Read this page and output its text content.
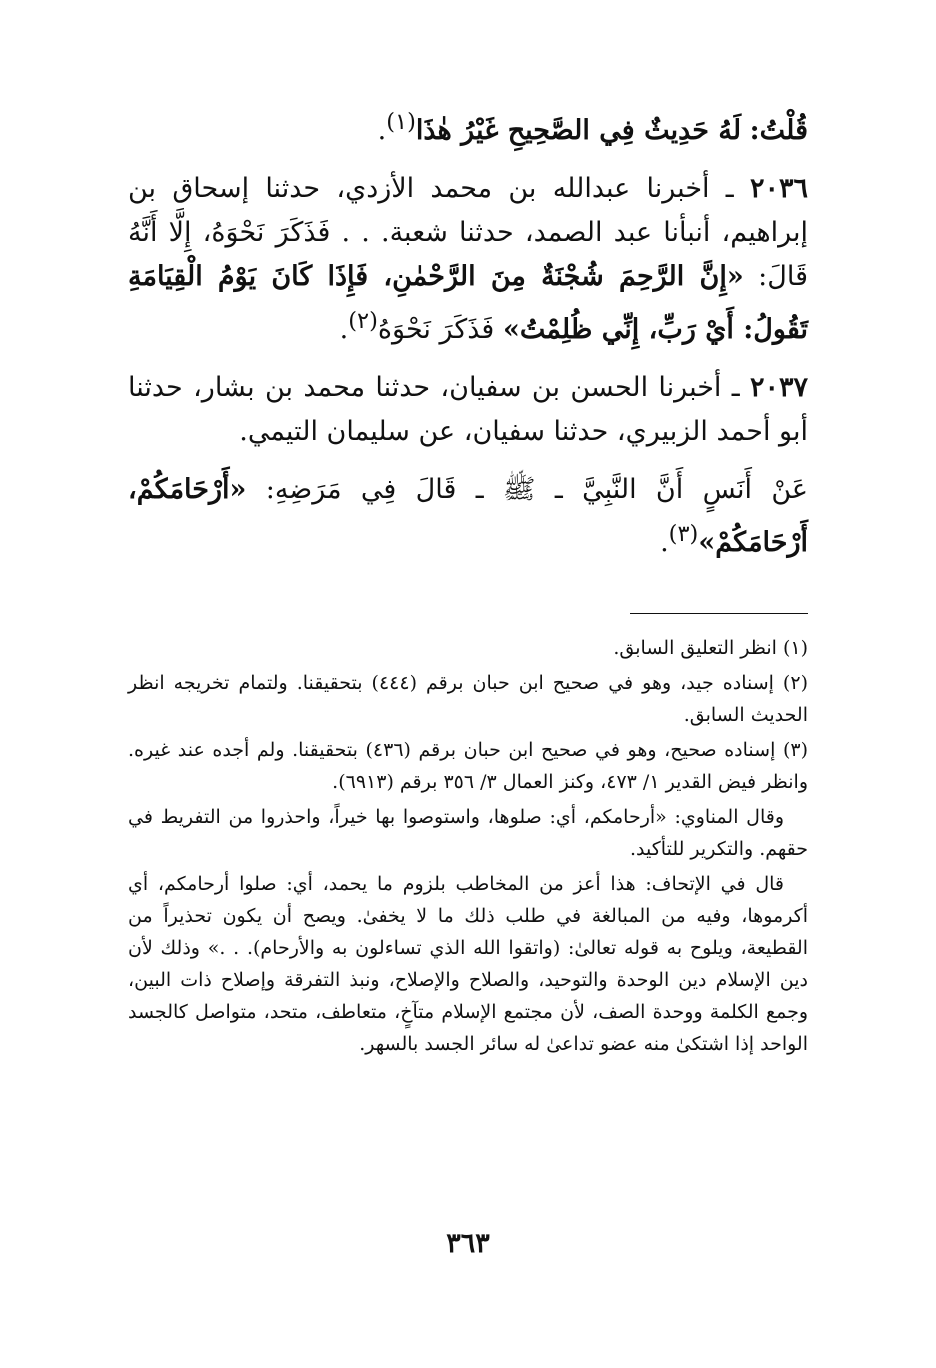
قُلْتُ: لَهُ حَدِيثٌ فِي الصَّحِيحِ غَيْرُ هٰذَا$^{(١)}$.

٢٠٣٦ ـ أخبرنا عبدالله بن محمد الأزدي، حدثنا إسحاق بن إبراهيم، أنبأنا عبد الصمد، حدثنا شعبة. . . فَذَكَرَ نَحْوَهُ، إِلَّا أَنَّهُ قَالَ: «إِنَّ الرَّحِمَ شُجْنَةٌ مِنَ الرَّحْمٰنِ، فَإِذَا كَانَ يَوْمُ الْقِيَامَةِ تَقُولُ: أَيْ رَبِّ، إِنِّي ظُلِمْتُ» فَذَكَرَ نَحْوَهُ$^{(٢)}$.

٢٠٣٧ ـ أخبرنا الحسن بن سفيان، حدثنا محمد بن بشار، حدثنا أبو أحمد الزبيري، حدثنا سفيان، عن سليمان التيمي.

عَنْ أَنَسٍ أَنَّ النَّبِيَّ ـ ﷺ ـ قَالَ فِي مَرَضِهِ: «أَرْحَامَكُمْ، أَرْحَامَكُمْ»$^{(٣)}$.

(١) انظر التعليق السابق.

(٢) إسناده جيد، وهو في صحيح ابن حبان برقم (٤٤٤) بتحقيقنا. ولتمام تخريجه انظر الحديث السابق.

(٣) إسناده صحيح، وهو في صحيح ابن حبان برقم (٤٣٦) بتحقيقنا. ولم أجده عند غيره. وانظر فيض القدير ١/ ٤٧٣، وكنز العمال ٣/ ٣٥٦ برقم (٦٩١٣).

وقال المناوي: «أرحامكم، أي: صلوها، واستوصوا بها خيراً، واحذروا من التفريط في حقهم. والتكرير للتأكيد.

قال في الإتحاف: هذا أعز من المخاطب بلزوم ما يحمد، أي: صلوا أرحامكم، أي أكرموها، وفيه من المبالغة في طلب ذلك ما لا يخفىٰ. ويصح أن يكون تحذيراً من القطيعة، ويلوح به قوله تعالىٰ: (واتقوا الله الذي تساءلون به والأرحام). . .» وذلك لأن دين الإسلام دين الوحدة والتوحيد، والصلاح والإصلاح، ونبذ التفرقة وإصلاح ذات البين، وجمع الكلمة ووحدة الصف، لأن مجتمع الإسلام متآخٍ، متعاطف، متحد، متواصل كالجسد الواحد إذا اشتكىٰ منه عضو تداعىٰ له سائر الجسد بالسهر.

٣٦٣
